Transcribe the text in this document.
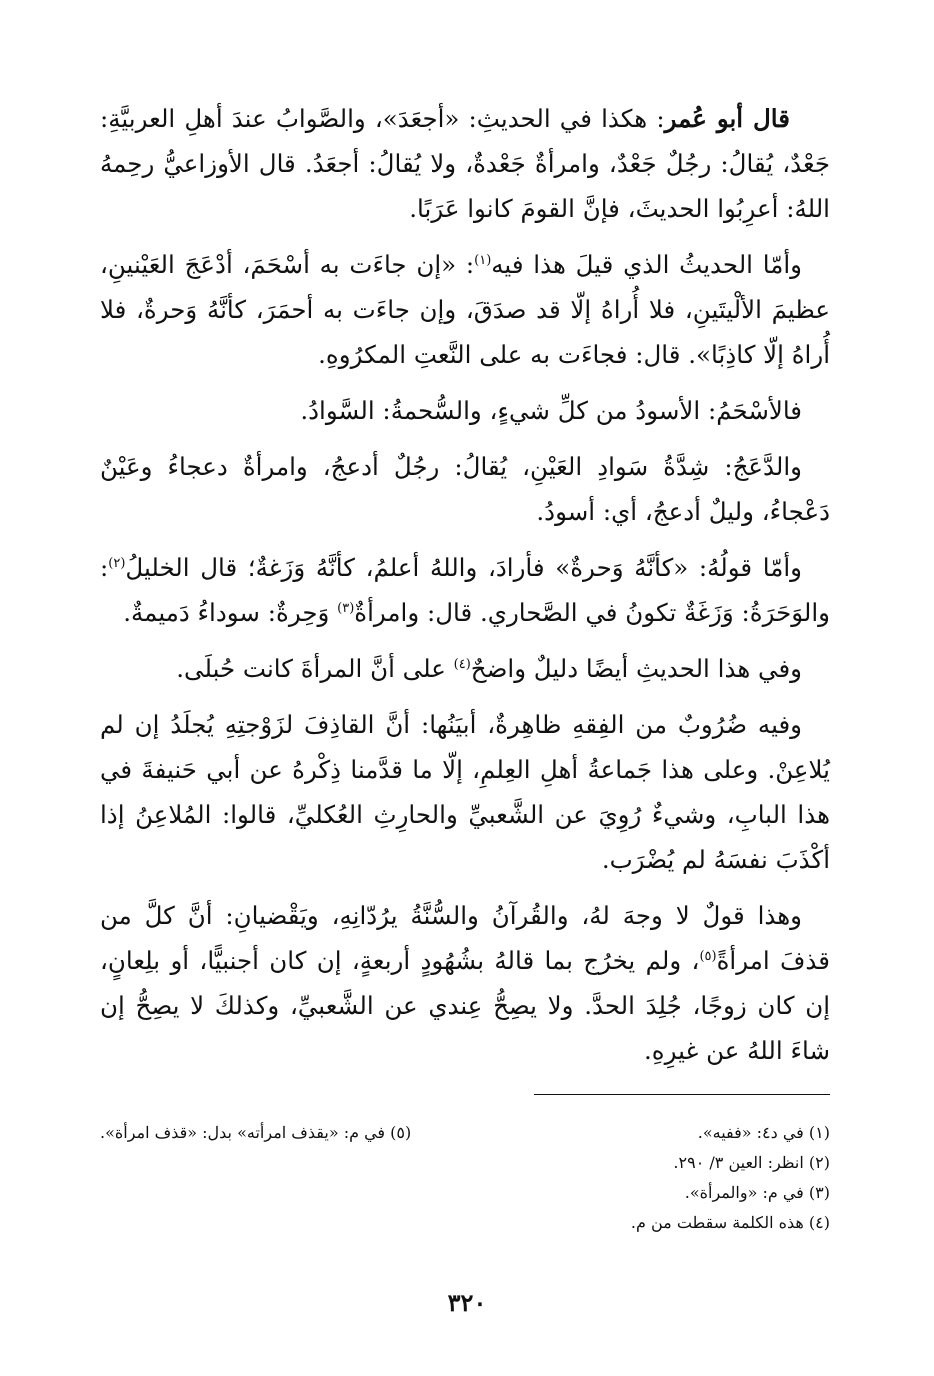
قال أبو عُمر: هكذا في الحديثِ: «أجعَدَ»، والصَّوابُ عندَ أهلِ العربيَّةِ: جَعْدٌ، يُقالُ: رجُلٌ جَعْدٌ، وامرأةٌ جَعْدةٌ، ولا يُقالُ: أجعَدُ. قال الأوزاعيُّ رحِمهُ اللهُ: أعرِبُوا الحديثَ، فإنَّ القومَ كانوا عَرَبًا.

وأمّا الحديثُ الذي قيلَ هذا فيه$^{(١)}$: «إن جاءَت به أسْحَمَ، أدْعَجَ العَيْنينِ، عظيمَ الألْيتَينِ، فلا أُراهُ إلّا قد صدَقَ، وإن جاءَت به أحمَرَ، كأنَّهُ وَحرةٌ، فلا أُراهُ إلّا كاذِبًا». قال: فجاءَت به على النَّعتِ المكرُوهِ.

فالأسْحَمُ: الأسودُ من كلِّ شيءٍ، والسُّحمةُ: السَّوادُ.

والدَّعَجُ: شِدَّةُ سَوادِ العَيْنِ، يُقالُ: رجُلٌ أدعجُ، وامرأةٌ دعجاءُ وعَيْنٌ دَعْجاءُ، وليلٌ أدعجُ، أي: أسودُ.

وأمّا قولُهُ: «كأنَّهُ وَحرةٌ» فأرادَ، واللهُ أعلمُ، كأنَّهُ وَزَغةٌ؛ قال الخليلُ$^{(٢)}$: والوَحَرَةُ: وَزَغَةٌ تكونُ في الصَّحاري. قال: وامرأةٌ$^{(٣)}$ وَحِرةٌ: سوداءُ دَميمةٌ.

وفي هذا الحديثِ أيضًا دليلٌ واضحٌ$^{(٤)}$ على أنَّ المرأةَ كانت حُبلَى.

وفيه ضُرُوبٌ من الفِقهِ ظاهِرةٌ، أبيَنُها: أنَّ القاذِفَ لزَوْجتِهِ يُجلَدُ إن لم يُلاعِنْ. وعلى هذا جَماعةُ أهلِ العِلمِ، إلّا ما قدَّمنا ذِكْرهُ عن أبي حَنيفةَ في هذا البابِ، وشيءٌ رُوِيَ عن الشَّعبيِّ والحارِثِ العُكليِّ، قالوا: المُلاعِنُ إذا أكْذَبَ نفسَهُ لم يُضْرَب.

وهذا قولٌ لا وجهَ لهُ، والقُرآنُ والسُّنَّةُ يرُدّانِهِ، ويَقْضيانِ: أنَّ كلَّ من قذفَ امرأةً$^{(٥)}$، ولم يخرُج بما قالهُ بشُهُودٍ أربعةٍ، إن كان أجنبيًّا، أو بلِعانٍ، إن كان زوجًا، جُلِدَ الحدَّ. ولا يصِحُّ عِندي عن الشَّعبيِّ، وكذلكَ لا يصِحُّ إن شاءَ اللهُ عن غيرِهِ.

(١) في د٤: «ففيه».
(٥) في م: «يقذف امرأته» بدل: «قذف امرأة».
(٢) انظر: العين ٣/ ٢٩٠.
(٣) في م: «والمرأة».
(٤) هذه الكلمة سقطت من م.
٣٢٠
